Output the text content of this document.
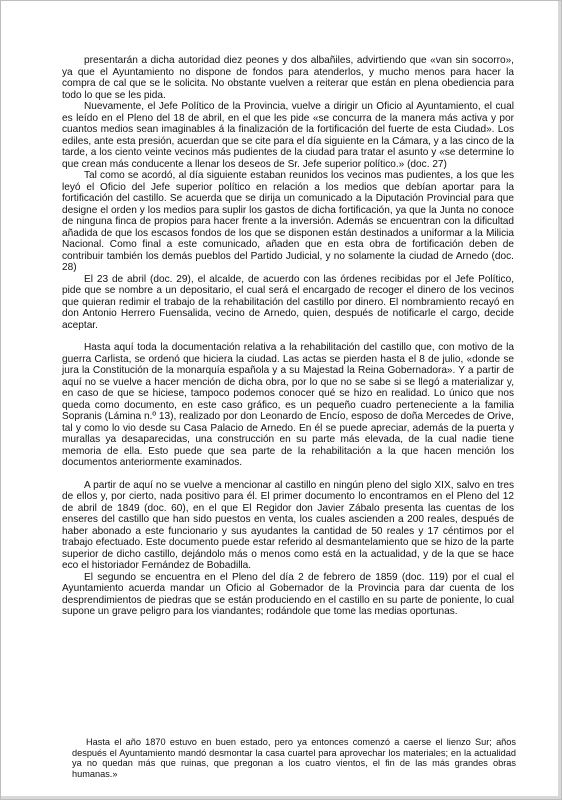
presentarán a dicha autoridad diez peones y dos albañiles, advirtiendo que «van sin socorro», ya que el Ayuntamiento no dispone de fondos para atenderlos, y mucho menos para hacer la compra de cal que se le solicita. No obstante vuelven a reiterar que están en plena obediencia para todo lo que se les pida.

Nuevamente, el Jefe Político de la Provincia, vuelve a dirigir un Oficio al Ayuntamiento, el cual es leído en el Pleno del 18 de abril, en el que les pide «se concurra de la manera más activa y por cuantos medios sean imaginables á la finalización de la fortificación del fuerte de esta Ciudad». Los ediles, ante esta presión, acuerdan que se cite para el día siguiente en la Cámara, y a las cinco de la tarde, a los ciento veinte vecinos más pudientes de la ciudad para tratar el asunto y «se determine lo que crean más conducente a llenar los deseos de Sr. Jefe superior político.» (doc. 27)

Tal como se acordó, al día siguiente estaban reunidos los vecinos mas pudientes, a los que les leyó el Oficio del Jefe superior político en relación a los medios que debían aportar para la fortificación del castillo. Se acuerda que se dirija un comunicado a la Diputación Provincial para que designe el orden y los medios para suplir los gastos de dicha fortificación, ya que la Junta no conoce de ninguna finca de propios para hacer frente a la inversión. Además se encuentran con la dificultad añadida de que los escasos fondos de los que se disponen están destinados a uniformar a la Milicia Nacional. Como final a este comunicado, añaden que en esta obra de fortificación deben de contribuir también los demás pueblos del Partido Judicial, y no solamente la ciudad de Arnedo (doc. 28)

El 23 de abril (doc. 29), el alcalde, de acuerdo con las órdenes recibidas por el Jefe Político, pide que se nombre a un depositario, el cual será el encargado de recoger el dinero de los vecinos que quieran redimir el trabajo de la rehabilitación del castillo por dinero. El nombramiento recayó en don Antonio Herrero Fuensalida, vecino de Arnedo, quien, después de notificarle el cargo, decide aceptar.

Hasta aquí toda la documentación relativa a la rehabilitación del castillo que, con motivo de la guerra Carlista, se ordenó que hiciera la ciudad. Las actas se pierden hasta el 8 de julio, «donde se jura la Constitución de la monarquía española y a su Majestad la Reina Gobernadora». Y a partir de aquí no se vuelve a hacer mención de dicha obra, por lo que no se sabe si se llegó a materializar y, en caso de que se hiciese, tampoco podemos conocer qué se hizo en realidad. Lo único que nos queda como documento, en este caso gráfico, es un pequeño cuadro perteneciente a la familia Sopranis (Lámina n.º 13), realizado por don Leonardo de Encío, esposo de doña Mercedes de Orive, tal y como lo vio desde su Casa Palacio de Arnedo. En él se puede apreciar, además de la puerta y murallas ya desaparecidas, una construcción en su parte más elevada, de la cual nadie tiene memoria de ella. Esto puede que sea parte de la rehabilitación a la que hacen mención los documentos anteriormente examinados.

A partir de aquí no se vuelve a mencionar al castillo en ningún pleno del siglo XIX, salvo en tres de ellos y, por cierto, nada positivo para él. El primer documento lo encontramos en el Pleno del 12 de abril de 1849 (doc. 60), en el que El Regidor don Javier Zábalo presenta las cuentas de los enseres del castillo que han sido puestos en venta, los cuales ascienden a 200 reales, después de haber abonado a este funcionario y sus ayudantes la cantidad de 50 reales y 17 céntimos por el trabajo efectuado. Este documento puede estar referido al desmantelamiento que se hizo de la parte superior de dicho castillo, dejándolo más o menos como está en la actualidad, y de la que se hace eco el historiador Fernández de Bobadilla.

El segundo se encuentra en el Pleno del día 2 de febrero de 1859 (doc. 119) por el cual el Ayuntamiento acuerda mandar un Oficio al Gobernador de la Provincia para dar cuenta de los desprendimientos de piedras que se están produciendo en el castillo en su parte de poniente, lo cual supone un grave peligro para los viandantes; rodándole que tome las medias oportunas.

Hasta el año 1870 estuvo en buen estado, pero ya entonces comenzó a caerse el lienzo Sur; años después el Ayuntamiento mandó desmontar la casa cuartel para aprovechar los materiales; en la actualidad ya no quedan más que ruinas, que pregonan a los cuatro vientos, el fin de las más grandes obras humanas.»
